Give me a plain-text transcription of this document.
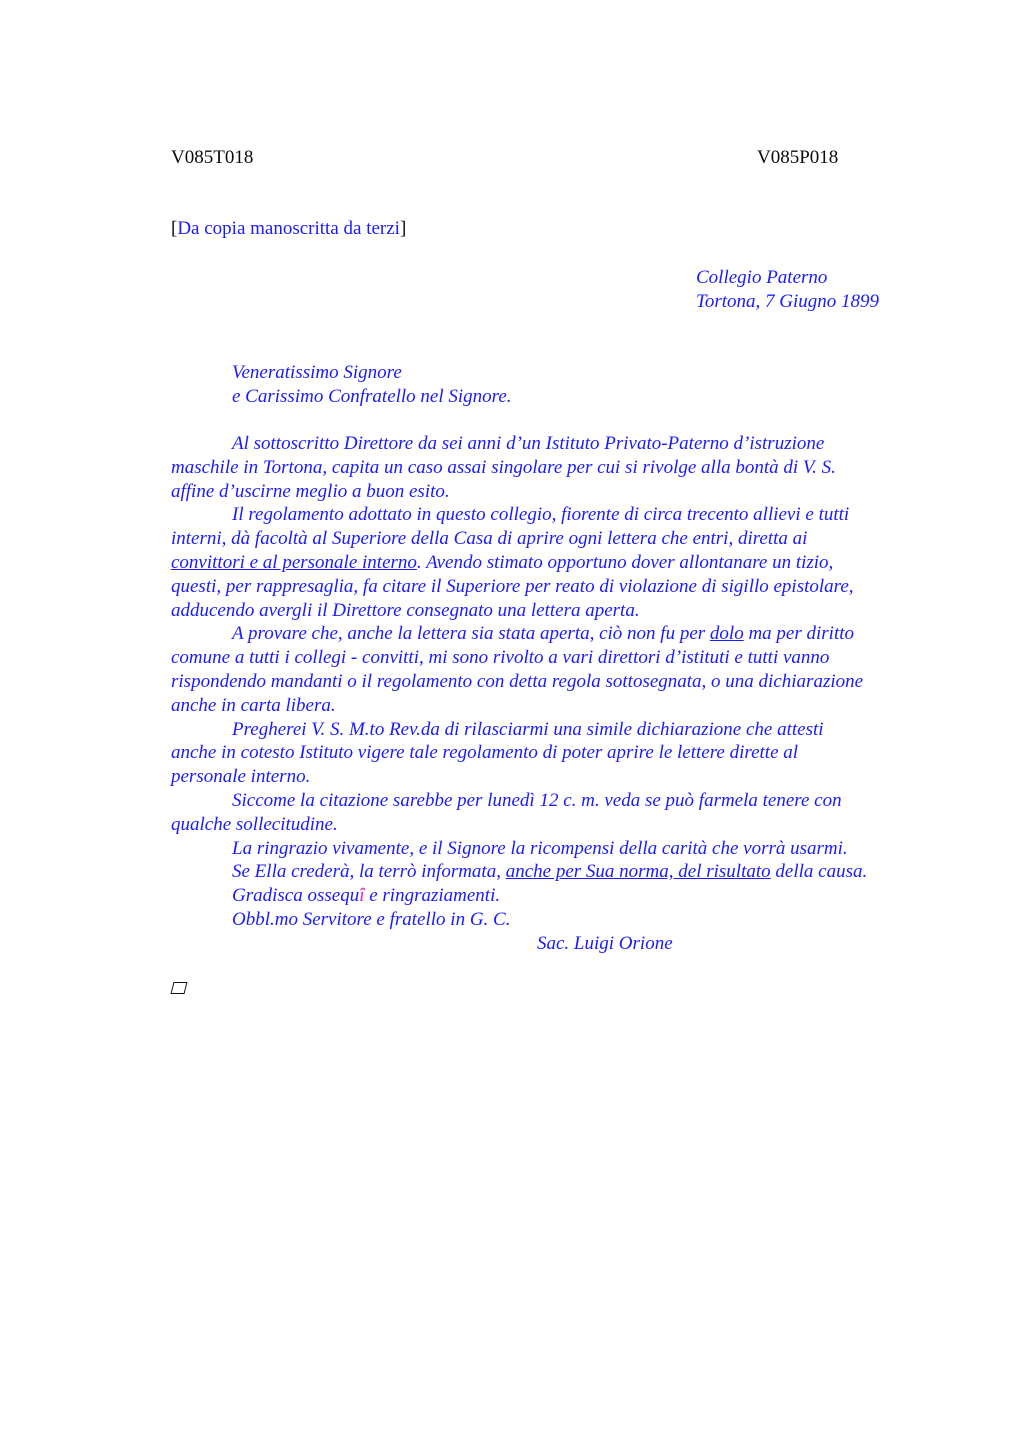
V085T018	V085P018
[Da copia manoscritta da terzi]
Collegio Paterno
Tortona, 7 Giugno 1899
Veneratissimo Signore
e Carissimo Confratello nel Signore.

Al sottoscritto Direttore da sei anni d’un Istituto Privato-Paterno d’istruzione

maschile in Tortona, capita un caso assai singolare per cui si rivolge alla bontà di V. S.

affine d’uscirne meglio a buon esito.

Il regolamento adottato in questo collegio, fiorente di circa trecento allievi e tutti

interni, dà facoltà al Superiore della Casa di aprire ogni lettera che entri, diretta ai

convittori e al personale interno. Avendo stimato opportuno dover allontanare un tizio,

questi, per rappresaglia, fa citare il Superiore per reato di violazione di sigillo epistolare,

adducendo avergli il Direttore consegnato una lettera aperta.

A provare che, anche la lettera sia stata aperta, ciò non fu per dolo ma per diritto

comune a tutti i collegi - convitti, mi sono rivolto a vari direttori d’istituti e tutti vanno

rispondendo mandanti o il regolamento con detta regola sottosegnata, o una dichiarazione

anche in carta libera.

Pregherei V. S. M.to Rev.da di rilasciarmi una simile dichiarazione che attesti

anche in cotesto Istituto vigere tale regolamento di poter aprire le lettere dirette al

personale interno.

Siccome la citazione sarebbe per lunedì 12 c. m. veda se può farmela tenere con

qualche sollecitudine.

La ringrazio vivamente, e il Signore la ricompensi della carità che vorrà usarmi.

Se Ella crederà, la terrò informata, anche per Sua norma, del risultato della causa.

Gradisca ossequî e ringraziamenti.

Obbl.mo Servitore e fratello in G. C.

Sac. Luigi Orione
